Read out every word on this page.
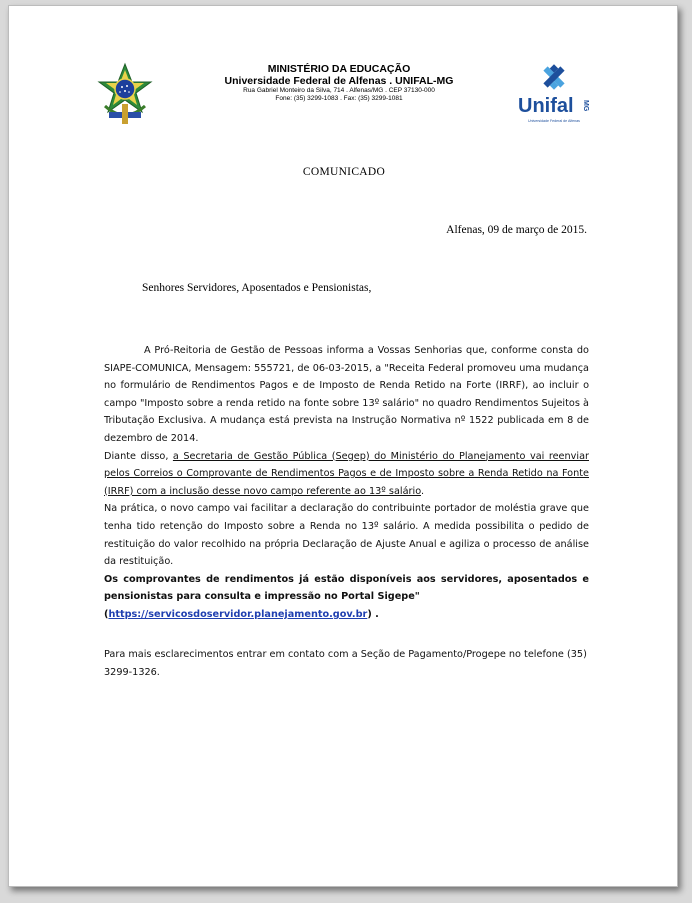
MINISTÉRIO DA EDUCAÇÃO
Universidade Federal de Alfenas . UNIFAL-MG
Rua Gabriel Monteiro da Silva, 714 . Alfenas/MG . CEP 37130-000
Fone: (35) 3299-1083 . Fax: (35) 3299-1081	Unifal MG
Universidade Federal de Alfenas
COMUNICADO
Alfenas, 09 de março de 2015.
Senhores Servidores, Aposentados e Pensionistas,

A Pró-Reitoria de Gestão de Pessoas informa a Vossas Senhorias que, conforme consta do SIAPE-COMUNICA, Mensagem: 555721, de 06-03-2015, a "Receita Federal promoveu uma mudança no formulário de Rendimentos Pagos e de Imposto de Renda Retido na Forte (IRRF), ao incluir o campo "Imposto sobre a renda retido na fonte sobre 13º salário" no quadro Rendimentos Sujeitos à Tributação Exclusiva. A mudança está prevista na Instrução Normativa nº 1522 publicada em 8 de dezembro de 2014.

Diante disso, a Secretaria de Gestão Pública (Segep) do Ministério do Planejamento vai reenviar pelos Correios o Comprovante de Rendimentos Pagos e de Imposto sobre a Renda Retido na Fonte (IRRF) com a inclusão desse novo campo referente ao 13º salário.

Na prática, o novo campo vai facilitar a declaração do contribuinte portador de moléstia grave que tenha tido retenção do Imposto sobre a Renda no 13º salário. A medida possibilita o pedido de restituição do valor recolhido na própria Declaração de Ajuste Anual e agiliza o processo de análise da restituição.

Os comprovantes de rendimentos já estão disponíveis aos servidores, aposentados e pensionistas para consulta e impressão no Portal Sigepe"

(https://servicosdoservidor.planejamento.gov.br) .

Para mais esclarecimentos entrar em contato com a Seção de Pagamento/Progepe no telefone (35) 3299-1326.
